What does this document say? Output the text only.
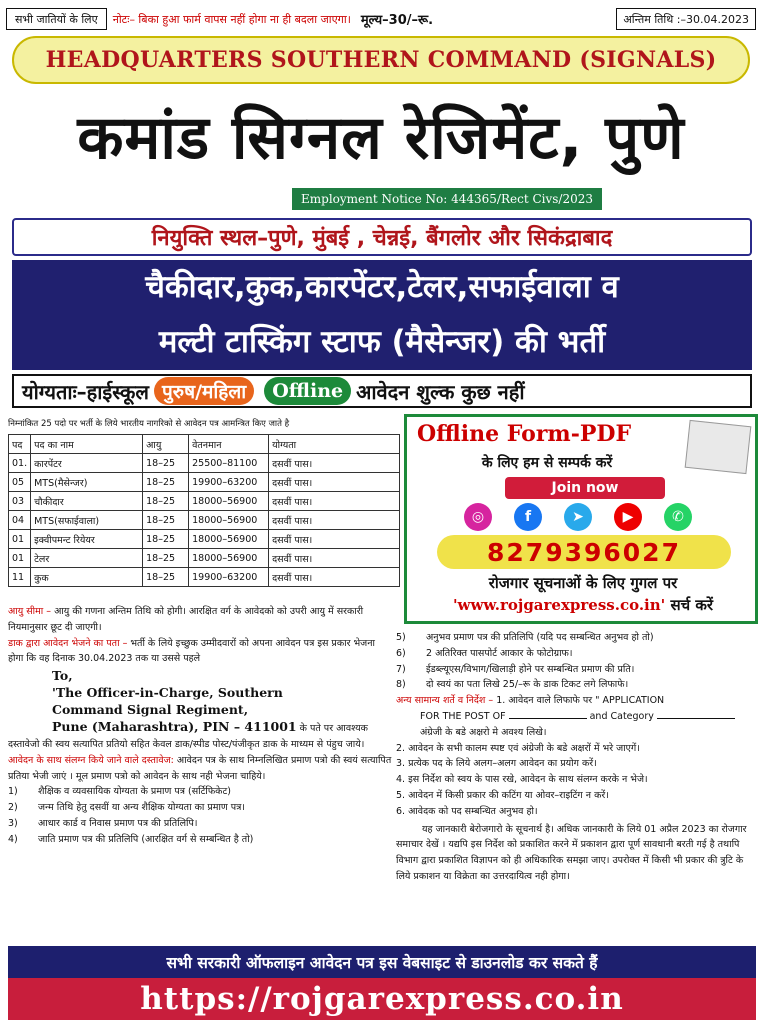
सभी जातियों के लिए	नोटः– बिका हुआ फार्म वापस नहीं होगा ना ही बदला जाएगा। मूल्य–30/–रू.	अन्तिम तिथि :–30.04.2023
HEADQUARTERS SOUTHERN COMMAND (SIGNALS)
कमांड सिग्नल रेजिमेंट, पुणे
Employment Notice No: 444365/Rect Civs/2023
नियुक्ति स्थल–पुणे, मुंबई , चेन्नई, बैंगलोर और सिकंद्राबाद
चैकीदार,कुक,कारपेंटर,टेलर,सफाईवाला व
मल्टी टास्किंग स्टाफ (मैसेन्जर) की भर्ती
योग्यताः–हाईस्कूल पुरुष/महिला	Offline आवेदन शुल्क कुछ नहीं
निम्नांकित 25 पदो पर भर्ती के लिये भारतीय नागरिको से आवेदन पत्र आमन्त्रित किए जाते है
पद	पद का नाम	आयु	वेतनमान	योग्यता
01.	कारपेंटर	18–25	25500–81100	दसवीं पास।
05	MTS(मैसेन्जर)	18–25	19900–63200	दसवीं पास।
03	चौकीदार	18–25	18000–56900	दसवीं पास।
04	MTS(सफाईवाला)	18–25	18000–56900	दसवीं पास।
01	इक्वीपमन्ट रियेयर	18–25	18000–56900	दसवीं पास।
01	टेलर	18–25	18000–56900	दसवीं पास।
11	कुक	18–25	19900–63200	दसवीं पास।
Offline Form-PDF
के लिए हम से सम्पर्क करें
Join now
◎	f	➤	▶	✆
8279396027
रोजगार सूचनाओं के लिए गुगल पर
'www.rojgarexpress.co.in' सर्च करें
आयु सीमा – आयु की गणना अन्तिम तिथि को होगी। आरक्षित वर्ग के आवेदको को उपरी आयु में सरकारी नियमानुसार छूट दी जाएगी।
डाक द्वारा आवेदन भेजने का पता – भर्ती के लिये इच्छुक उम्मीदवारों को अपना आवेदन पत्र इस प्रकार भेजना होगा कि वह दिनाक 30.04.2023 तक या उससे पहले
To,
'The Officer-in-Charge, Southern
Command Signal Regiment,
Pune (Maharashtra), PIN – 411001 के पते पर आवश्यक दस्तावेजो की स्वय सत्यापित प्रतियो सहित केवल डाक/स्पीड पोस्ट/पंजीकृत डाक के माध्यम से पंहुच जाये।
आवेदन के साथ संलग्न किये जाने वाले दस्तावेज: आवेदन पत्र के साथ निम्नलिखित प्रमाण पत्रो की स्वयं सत्यापित प्रतिया भेजी जाएं । मूल प्रमाण पत्रो को आवेदन के साथ नही भेजना चाहिये।
1)	शैक्षिक व व्यवसायिक योग्यता के प्रमाण पत्र (सर्टिफिकेट)
2)	जन्म तिथि हेतु दसवीं या अन्य शैक्षिक योग्यता का प्रमाण पत्र।
3)	आधार कार्ड व निवास प्रमाण पत्र की प्रतिलिपि।
4)	जाति प्रमाण पत्र की प्रतिलिपि (आरक्षित वर्ग से सम्बन्धित है तो)
5)	अनुभव प्रमाण पत्र की प्रतिलिपि (यदि पद सम्बन्धित अनुभव हो तो)
6)	2 अतिरिक्त पासपोर्ट आकार के फोटोग्राफ।
7)	ईडब्ल्यूएस/विभाग/खिलाड़ी होने पर सम्बन्धित प्रमाण की प्रति।
8)	दो स्वयं का पता लिखे 25/–रू के डाक टिकट लगे लिफाफे।
अन्य सामान्य शर्ते व निर्देश – 1. आवेदन वाले लिफाफे पर " APPLICATION
FOR THE POST OF	and Category
अंग्रेजी के बडे अक्षरो मे अवश्य लिखे।
2. आवेदन के सभी कालम स्पष्ट एवं अंग्रेजी के बडे अक्षरों में भरे जाएगें।
3. प्रत्येक पद के लिये अलग–अलग आवेदन का प्रयोग करें।
4. इस निर्देश को स्वय के पास रखे, आवेदन के साथ संलग्न करके न भेजे।
5. आवेदन में किसी प्रकार की कटिंग या ओवर–राइटिंग न करें।
6. आवेदक को पद सम्बन्धित अनुभव हो।
यह जानकारी बेरोजगारो के सूचनार्थ है। अधिक जानकारी के लिये 01 अप्रैल 2023 का रोजगार समाचार देखें । यद्यपि इस निर्देश को प्रकाशित करने में प्रकाशन द्वारा पूर्ण सावधानी बरती गई है तथापि विभाग द्वारा प्रकाशित विज्ञापन को ही अधिकारिक समझा जाए। उपरोक्त में किसी भी प्रकार की त्रुटि के लिये प्रकाशन या विक्रेता का उत्तरदायित्व नही होगा।
सभी सरकारी ऑफलाइन आवेदन पत्र इस वेबसाइट से डाउनलोड कर सकते हैं
https://rojgarexpress.co.in
